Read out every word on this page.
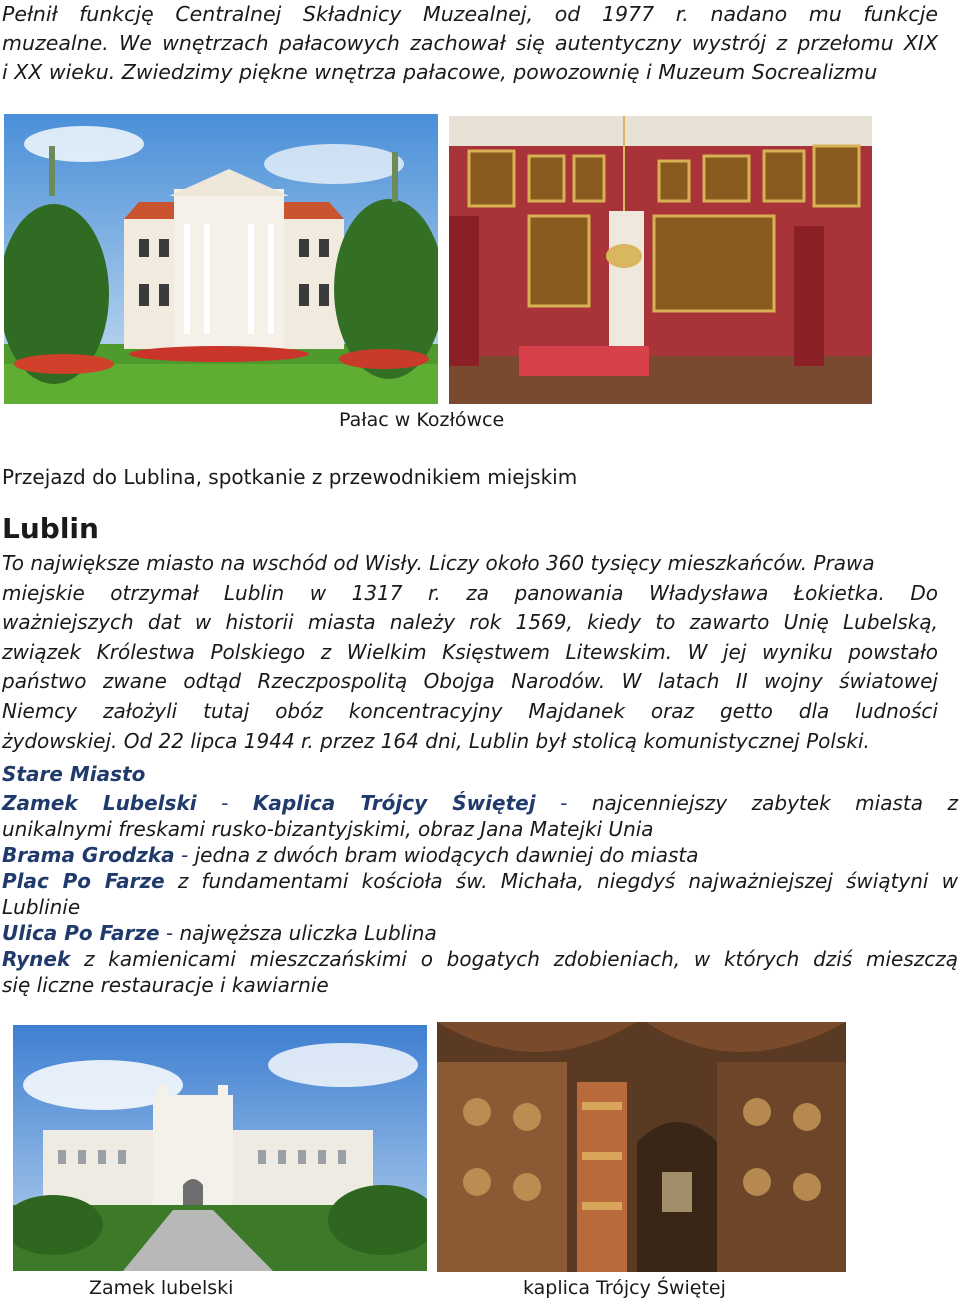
Pełnił funkcję Centralnej Składnicy Muzealnej, od 1977 r. nadano mu funkcje
muzealne. We wnętrzach pałacowych zachował się autentyczny wystrój z przełomu XIX
i XX wieku. Zwiedzimy piękne wnętrza pałacowe, powozownię i Muzeum Socrealizmu
Pałac w Kozłówce
Przejazd do Lublina, spotkanie z przewodnikiem miejskim
Lublin
To największe miasto na wschód od Wisły. Liczy około 360 tysięcy mieszkańców. Prawa
miejskie otrzymał Lublin w 1317 r. za panowania Władysława Łokietka. Do
ważniejszych dat w historii miasta należy rok 1569, kiedy to zawarto Unię Lubelską,
związek Królestwa Polskiego z Wielkim Księstwem Litewskim. W jej wyniku powstało
państwo zwane odtąd Rzeczpospolitą Obojga Narodów. W latach II wojny światowej
Niemcy założyli tutaj obóz koncentracyjny Majdanek oraz getto dla ludności
żydowskiej. Od 22 lipca 1944 r. przez 164 dni, Lublin był stolicą komunistycznej Polski.
Stare Miasto
Zamek Lubelski - Kaplica Trójcy Świętej - najcenniejszy zabytek miasta z
unikalnymi freskami rusko-bizantyjskimi, obraz Jana Matejki Unia
Brama Grodzka - jedna z dwóch bram wiodących dawniej do miasta
Plac Po Farze z fundamentami kościoła św. Michała, niegdyś najważniejszej świątyni w
Lublinie
Ulica Po Farze - najwęższa uliczka Lublina
Rynek z kamienicami mieszczańskimi o bogatych zdobieniach, w których dziś mieszczą
się liczne restauracje i kawiarnie
Zamek lubelski	kaplica Trójcy Świętej
